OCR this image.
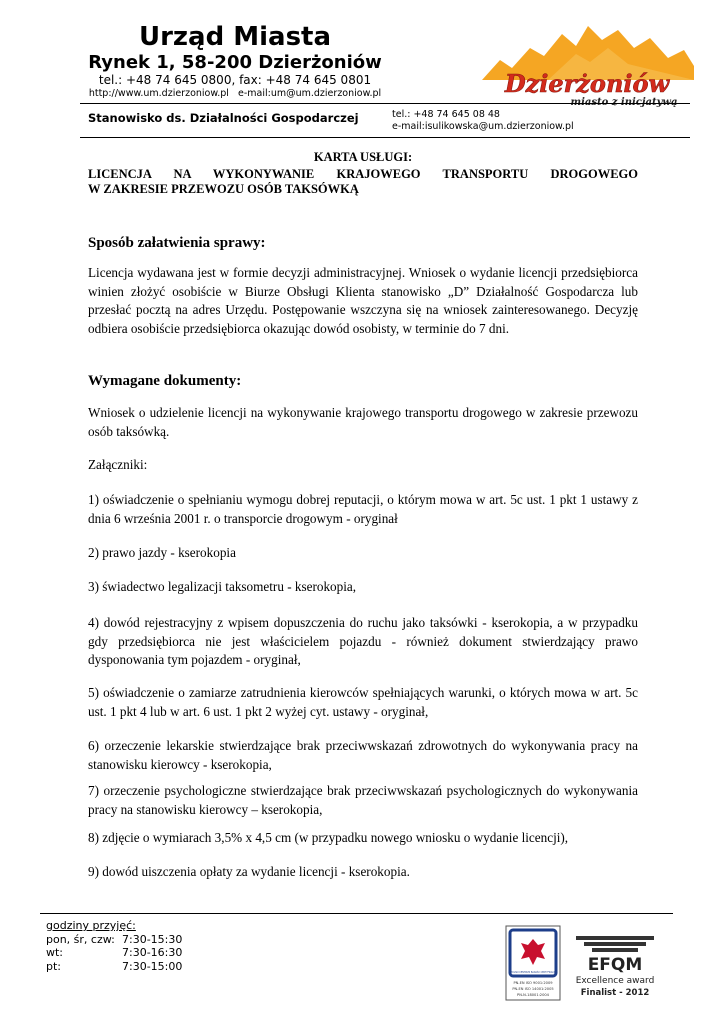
Urząd Miasta
Rynek 1, 58-200 Dzierżoniów
tel.: +48 74 645 0800, fax: +48 74 645 0801
http://www.um.dzierzoniow.pl   e-mail:um@um.dzierzoniow.pl	Dzierżoniów
Stanowisko ds. Działalności Gospodarczej	tel.: +48 74 645 08 48
e-mail:isulikowska@um.dzierzoniow.pl
KARTA USŁUGI:
LICENCJA NA WYKONYWANIE KRAJOWEGO TRANSPORTU DROGOWEGO
W ZAKRESIE PRZEWOZU OSÓB TAKSÓWKĄ
Sposób załatwienia sprawy:
Licencja wydawana jest w formie decyzji administracyjnej. Wniosek o wydanie licencji przedsiębiorca winien złożyć osobiście w Biurze Obsługi Klienta stanowisko „D” Działalność Gospodarcza lub przesłać pocztą na adres Urzędu. Postępowanie wszczyna się na wniosek zainteresowanego. Decyzję odbiera osobiście przedsiębiorca okazując dowód osobisty, w terminie do 7 dni.
Wymagane dokumenty:
Wniosek o udzielenie licencji na wykonywanie krajowego transportu drogowego w zakresie przewozu osób taksówką.
Załączniki:
1) oświadczenie o spełnianiu wymogu dobrej reputacji, o którym mowa w art. 5c ust. 1 pkt 1 ustawy z dnia 6 września 2001 r. o transporcie drogowym - oryginał
2) prawo jazdy - kserokopia
3) świadectwo legalizacji taksometru - kserokopia,
4) dowód rejestracyjny z wpisem dopuszczenia do ruchu jako taksówki - kserokopia, a w przypadku gdy przedsiębiorca nie jest właścicielem pojazdu - również dokument stwierdzający prawo dysponowania tym pojazdem - oryginał,
5) oświadczenie o zamiarze zatrudnienia kierowców spełniających warunki, o których mowa w art. 5c ust. 1 pkt 4 lub w art. 6 ust. 1 pkt 2 wyżej cyt. ustawy - oryginał,
6) orzeczenie lekarskie stwierdzające brak przeciwwskazań zdrowotnych do wykonywania pracy na stanowisku kierowcy - kserokopia,
7) orzeczenie psychologiczne stwierdzające brak przeciwwskazań psychologicznych do wykonywania pracy na stanowisku kierowcy – kserokopia,
8) zdjęcie o wymiarach 3,5% x 4,5 cm (w przypadku nowego wniosku o wydanie licencji),
9) dowód uiszczenia opłaty za wydanie licencji - kserokopia.
godziny przyjęć:
pon, śr, czw:	7:30-15:30
wt:	7:30-16:30
pt:	7:30-15:00	POLSKI CENTRUM BADAŃ I CERTYFIKACJI
PN-EN ISO 9001:2009
PN-EN ISO 14001:2005
PN-N-18001:2004
EFQM
Excellence award
Finalist - 2012
